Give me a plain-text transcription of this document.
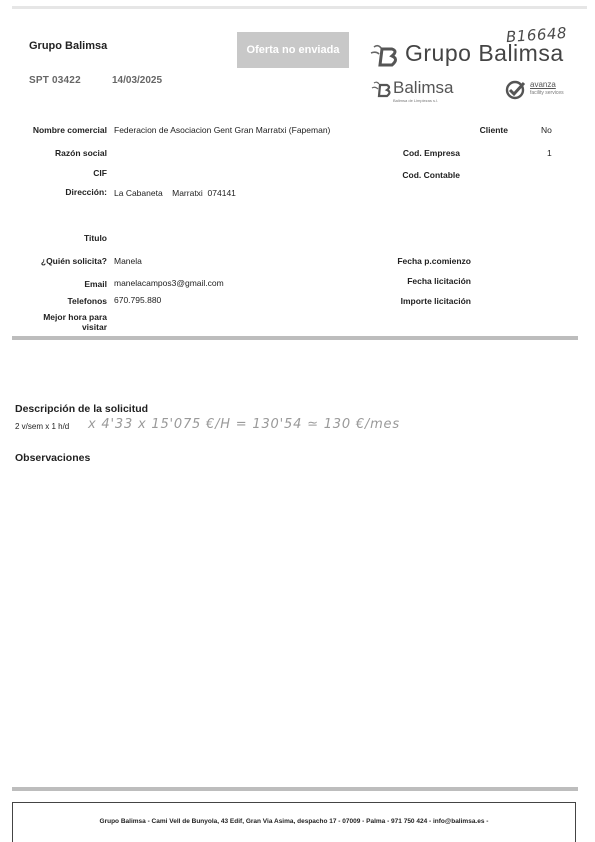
Grupo Balimsa
SPT 03422	14/03/2025
Oferta no enviada
B16648
Grupo Balimsa
Balimsa
Balimsa de Limpiezas s.l.
avanza
facility services
Nombre comercial Federacion de Asociacion Gent Gran Marratxi (Fapeman)
Razón social
CIF
Dirección: La Cabaneta    Marratxi  074141
Titulo
¿Quién solicita? Manela
Email manelacampos3@gmail.com
Telefonos 670.795.880
Mejor hora para visitar
Cliente	No
Cod. Empresa	1
Cod. Contable
Fecha p.comienzo
Fecha licitación
Importe licitación
Descripción de la solicitud
2 v/sem x 1 h/d x 4'33 x 15'075 €/H = 130'54 ≃ 130 €/mes
Observaciones
Grupo Balimsa - Cami Vell de Bunyola, 43 Edif, Gran Via Asima, despacho 17 - 07009 - Palma - 971 750 424 - info@balimsa.es -
